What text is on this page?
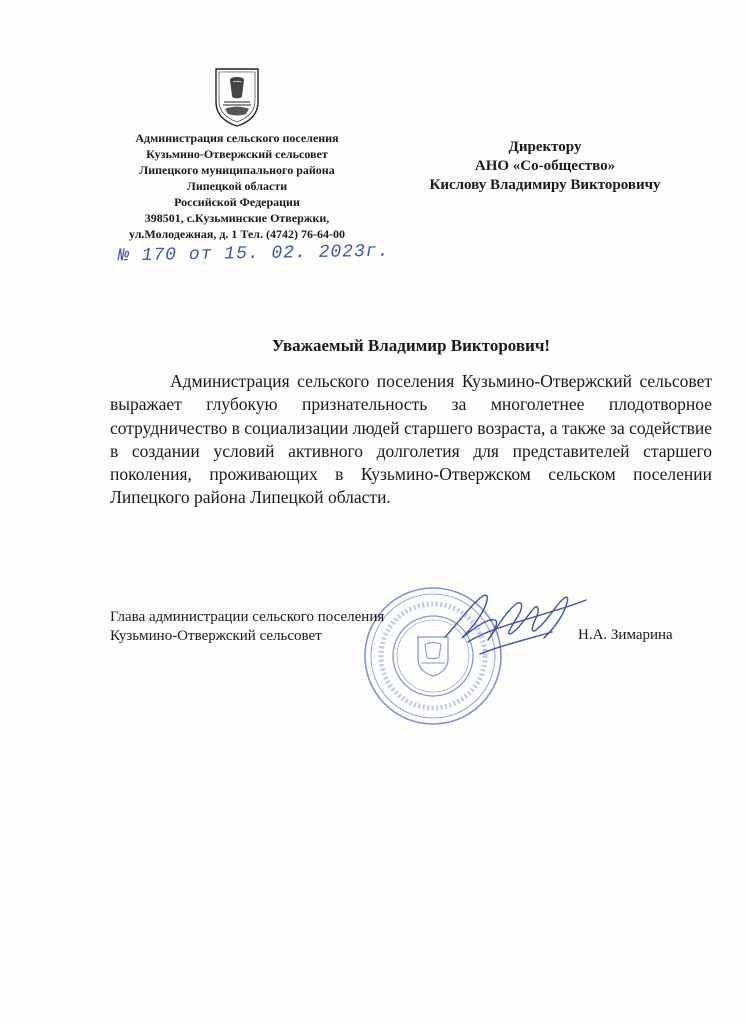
Администрация сельского поселения
Кузьмино-Отвержский сельсовет
Липецкого муниципального района
Липецкой области
Российской Федерации
398501, с.Кузьминские Отвержки,
ул.Молодежная, д. 1 Тел. (4742) 76-64-00
№ 170 от 15. 02. 2023г.
Директору
АНО «Со-общество»
Кислову Владимиру Викторовичу
Уважаемый Владимир Викторович!

Администрация сельского поселения Кузьмино-Отвержский сельсовет выражает глубокую признательность за многолетнее плодотворное сотрудничество в социализации людей старшего возраста, а также за содействие в создании условий активного долголетия для представителей старшего поколения, проживающих в Кузьмино-Отвержском сельском поселении Липецкого района Липецкой области.

Глава администрации сельского поселения
Кузьмино-Отвержский сельсовет	Н.А. Зимарина
